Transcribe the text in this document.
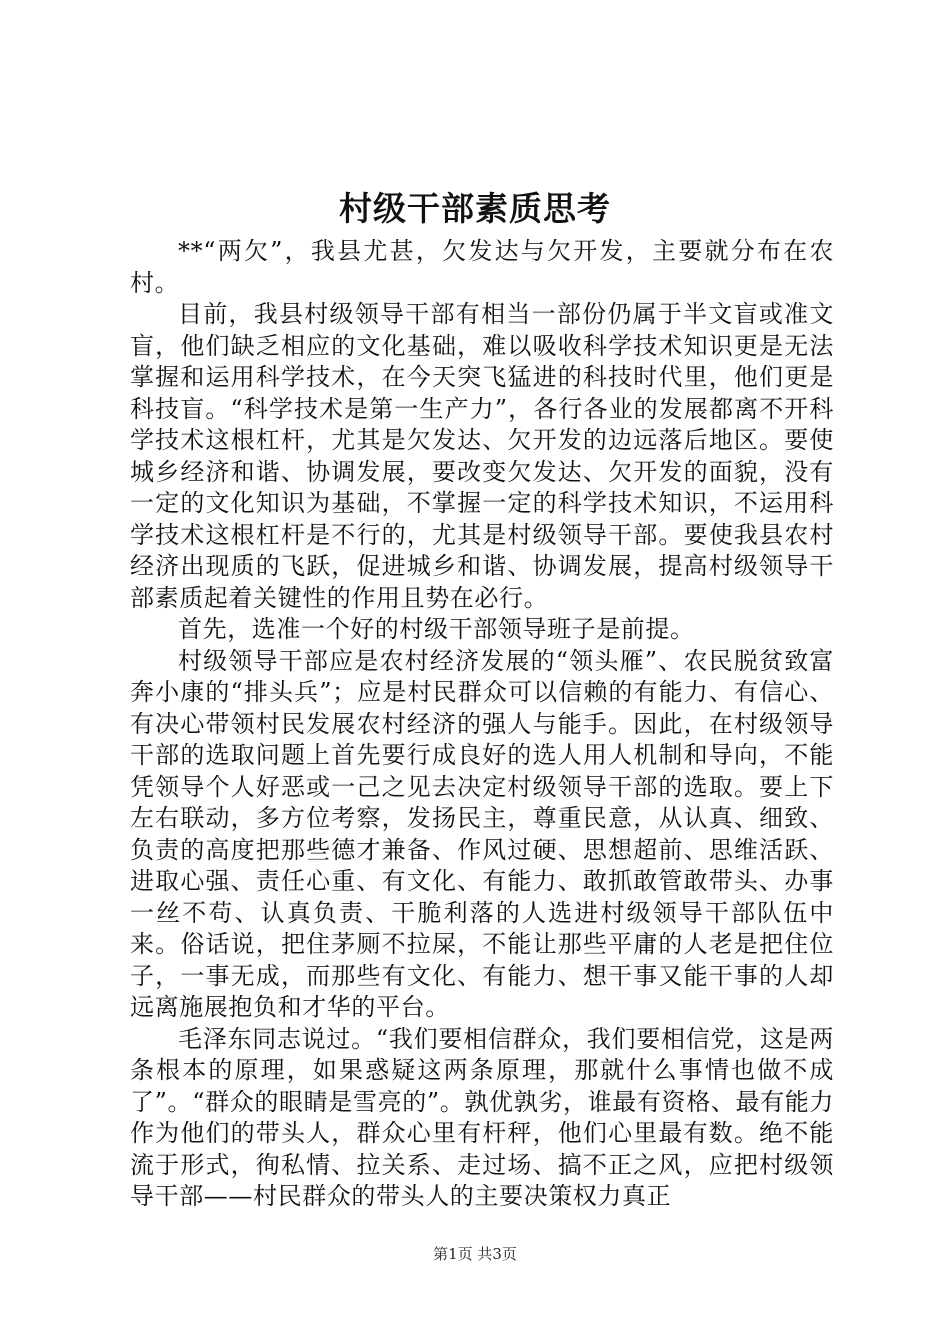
村级干部素质思考

**“两欠”，我县尤甚，欠发达与欠开发，主要就分布在农村。

目前，我县村级领导干部有相当一部份仍属于半文盲或准文盲，他们缺乏相应的文化基础，难以吸收科学技术知识更是无法掌握和运用科学技术，在今天突飞猛进的科技时代里，他们更是科技盲。“科学技术是第一生产力”，各行各业的发展都离不开科学技术这根杠杆，尤其是欠发达、欠开发的边远落后地区。要使城乡经济和谐、协调发展，要改变欠发达、欠开发的面貌，没有一定的文化知识为基础，不掌握一定的科学技术知识，不运用科学技术这根杠杆是不行的，尤其是村级领导干部。要使我县农村经济出现质的飞跃，促进城乡和谐、协调发展，提高村级领导干部素质起着关键性的作用且势在必行。

首先，选准一个好的村级干部领导班子是前提。

村级领导干部应是农村经济发展的“领头雁”、农民脱贫致富奔小康的“排头兵”；应是村民群众可以信赖的有能力、有信心、有决心带领村民发展农村经济的强人与能手。因此，在村级领导干部的选取问题上首先要行成良好的选人用人机制和导向，不能凭领导个人好恶或一己之见去决定村级领导干部的选取。要上下左右联动，多方位考察，发扬民主，尊重民意，从认真、细致、负责的高度把那些德才兼备、作风过硬、思想超前、思维活跃、进取心强、责任心重、有文化、有能力、敢抓敢管敢带头、办事一丝不苟、认真负责、干脆利落的人选进村级领导干部队伍中来。俗话说，把住茅厕不拉屎，不能让那些平庸的人老是把住位子，一事无成，而那些有文化、有能力、想干事又能干事的人却远离施展抱负和才华的平台。

毛泽东同志说过。“我们要相信群众，我们要相信党，这是两条根本的原理，如果惑疑这两条原理，那就什么事情也做不成了”。“群众的眼睛是雪亮的”。孰优孰劣，谁最有资格、最有能力作为他们的带头人，群众心里有杆秤，他们心里最有数。绝不能流于形式，徇私情、拉关系、走过场、搞不正之风，应把村级领导干部——村民群众的带头人的主要决策权力真正

第1页 共3页
